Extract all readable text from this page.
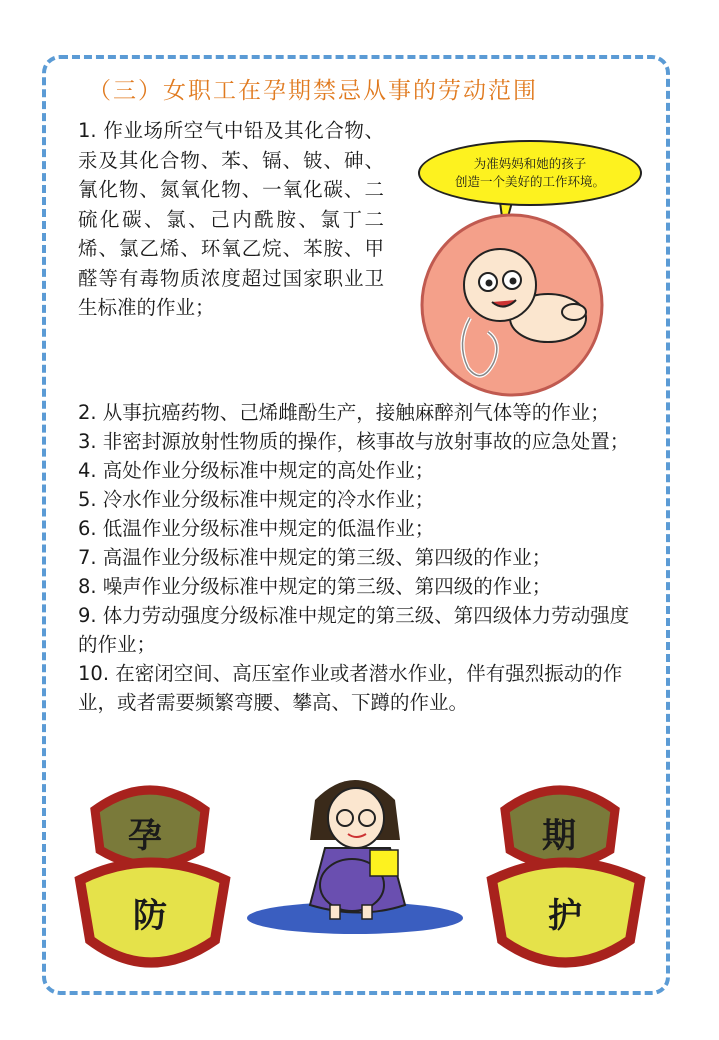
（三）女职工在孕期禁忌从事的劳动范围
1. 作业场所空气中铅及其化合物、汞及其化合物、苯、镉、铍、砷、氰化物、氮氧化物、一氧化碳、二硫化碳、氯、己内酰胺、氯丁二烯、氯乙烯、环氧乙烷、苯胺、甲醛等有毒物质浓度超过国家职业卫生标准的作业；

2. 从事抗癌药物、己烯雌酚生产，接触麻醉剂气体等的作业；

3. 非密封源放射性物质的操作，核事故与放射事故的应急处置；

4. 高处作业分级标准中规定的高处作业；

5. 冷水作业分级标准中规定的冷水作业；

6. 低温作业分级标准中规定的低温作业；

7. 高温作业分级标准中规定的第三级、第四级的作业；

8. 噪声作业分级标准中规定的第三级、第四级的作业；

9. 体力劳动强度分级标准中规定的第三级、第四级体力劳动强度的作业；

10. 在密闭空间、高压室作业或者潜水作业，伴有强烈振动的作业，或者需要频繁弯腰、攀高、下蹲的作业。

为准妈妈和她的孩子
创造一个美好的工作环境。
孕
防
期
护
